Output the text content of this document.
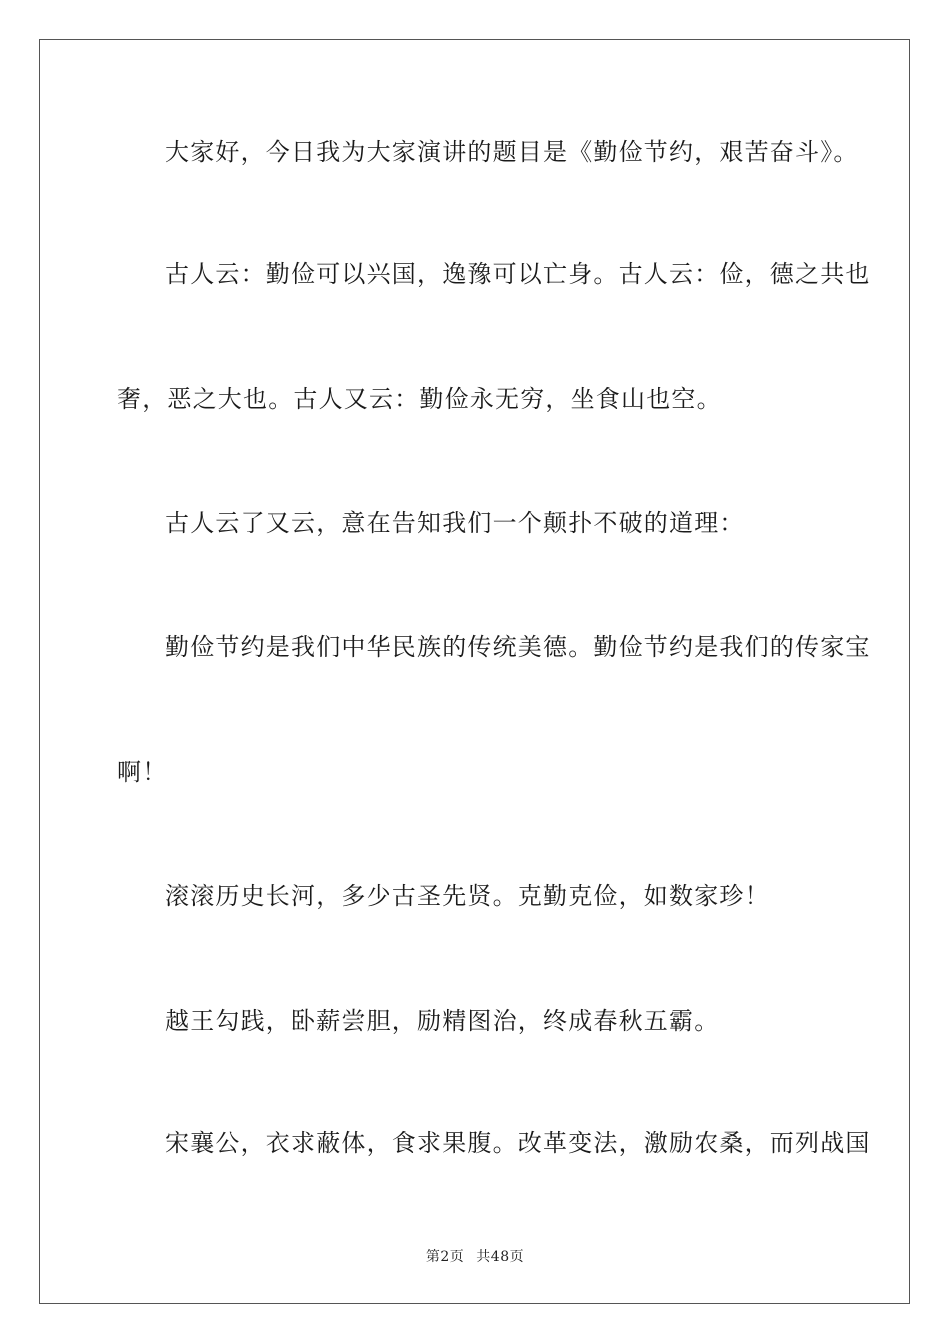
大家好，今日我为大家演讲的题目是《勤俭节约，艰苦奋斗》。

古人云：勤俭可以兴国，逸豫可以亡身。古人云：俭，德之共也

奢，恶之大也。古人又云：勤俭永无穷，坐食山也空。

古人云了又云，意在告知我们一个颠扑不破的道理：

勤俭节约是我们中华民族的传统美德。勤俭节约是我们的传家宝

啊！

滚滚历史长河，多少古圣先贤。克勤克俭，如数家珍！

越王勾践，卧薪尝胆，励精图治，终成春秋五霸。

宋襄公，衣求蔽体，食求果腹。改革变法，激励农桑，而列战国

第2页 共48页
